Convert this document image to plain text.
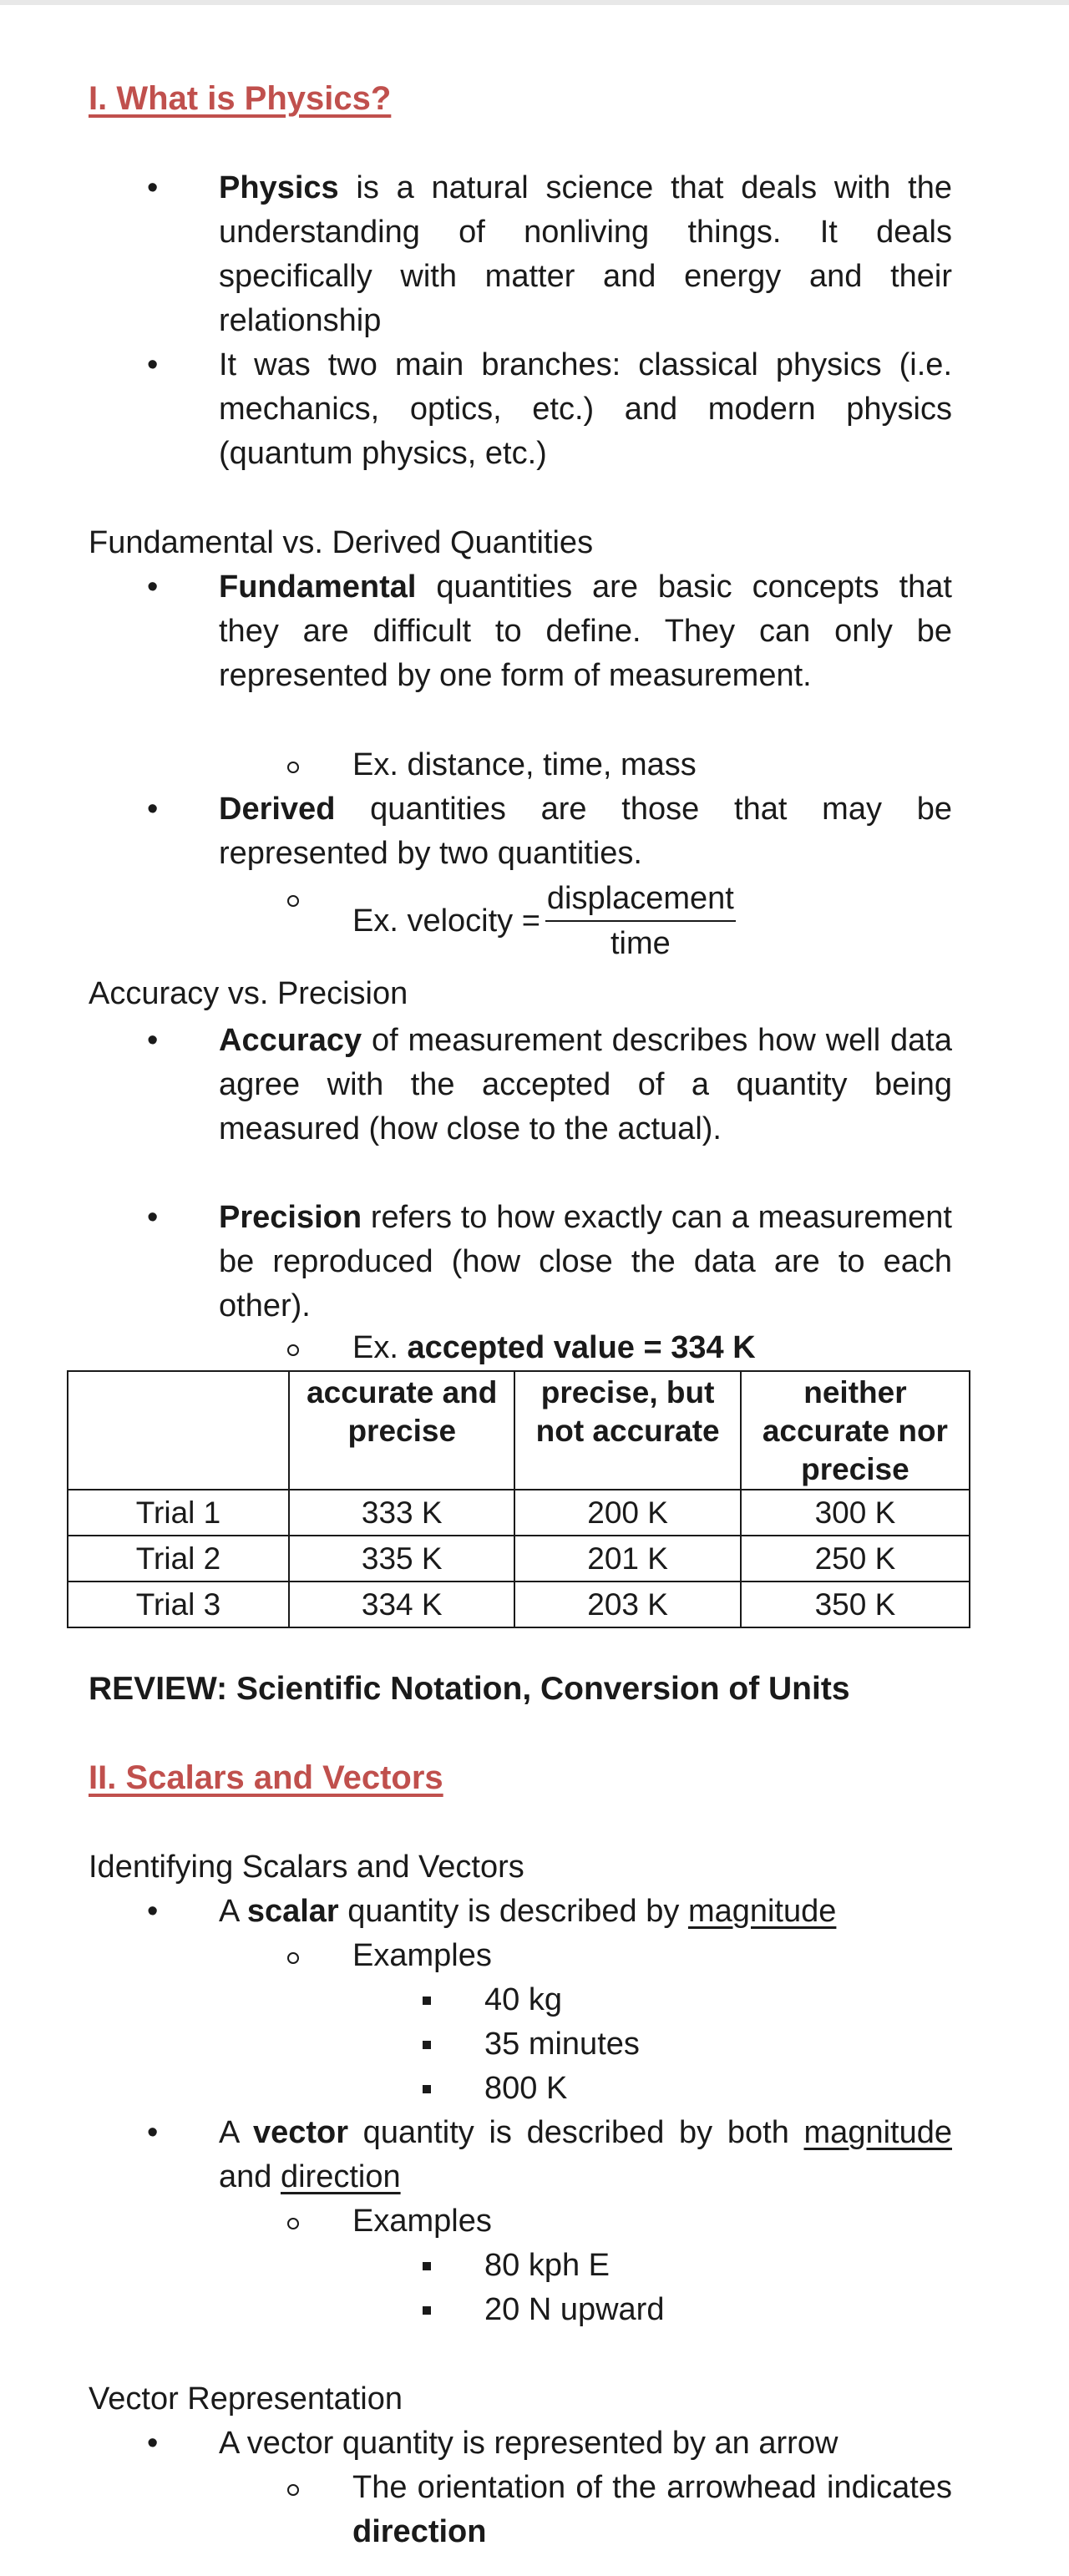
I. What is Physics?
• Physics is a natural science that deals with the understanding of nonliving things. It deals specifically with matter and energy and their relationship
• It was two main branches: classical physics (i.e. mechanics, optics, etc.) and modern physics (quantum physics, etc.)
Fundamental vs. Derived Quantities
• Fundamental quantities are basic concepts that they are difficult to define. They can only be represented by one form of measurement.
Ex. distance, time, mass
• Derived quantities are those that may be represented by two quantities.
Ex. velocity = $\frac{\text{displacement}}{\text{time}}$
Accuracy vs. Precision
• Accuracy of measurement describes how well data agree with the accepted of a quantity being measured (how close to the actual).
• Precision refers to how exactly can a measurement be reproduced (how close the data are to each other).
Ex. accepted value = 334 K
	accurate and precise	precise, but not accurate	neither accurate nor precise
Trial 1	333 K	200 K	300 K
Trial 2	335 K	201 K	250 K
Trial 3	334 K	203 K	350 K
REVIEW: Scientific Notation, Conversion of Units
II. Scalars and Vectors
Identifying Scalars and Vectors
• A scalar quantity is described by magnitude
Examples
40 kg
35 minutes
800 K
• A vector quantity is described by both magnitude and direction
Examples
80 kph E
20 N upward
Vector Representation
• A vector quantity is represented by an arrow
The orientation of the arrowhead indicates direction
